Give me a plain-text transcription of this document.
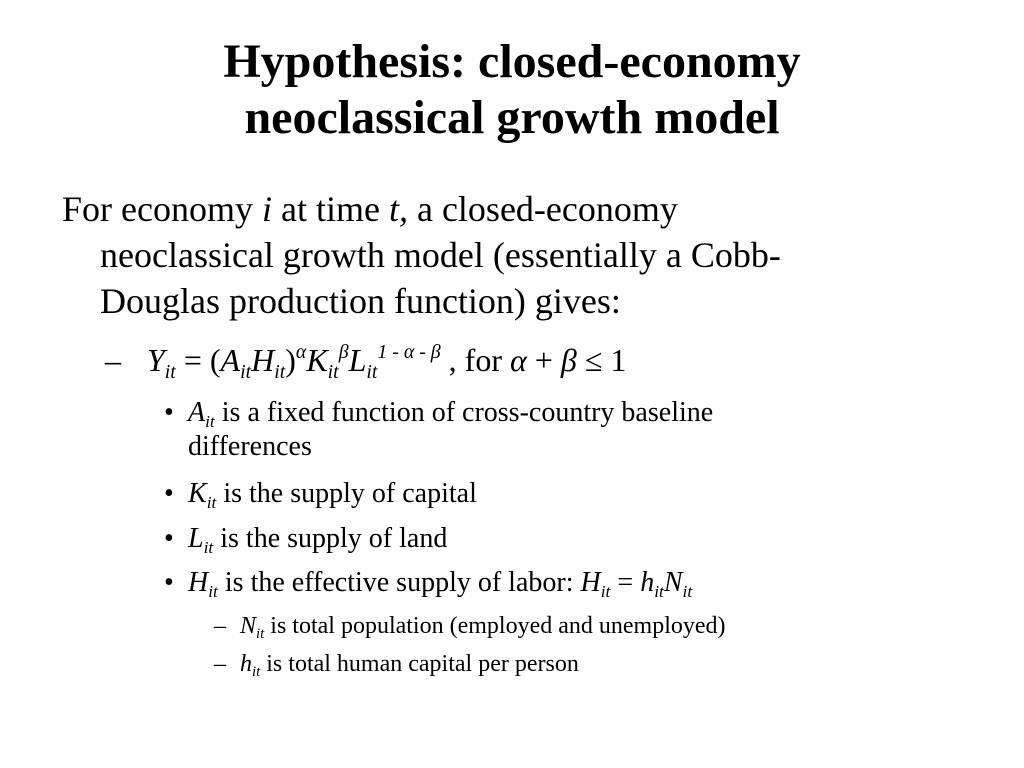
Hypothesis: closed-economy
neoclassical growth model
For economy i at time t, a closed-economy
neoclassical growth model (essentially a Cobb-
Douglas production function) gives:
– $Y_{it} = (A_{it}H_{it})^\alpha K_{it}^\beta L_{it}^{1 - \alpha - \beta}$ , for α + β ≤ 1
• $A_{it}$ is a fixed function of cross-country baseline
differences
• $K_{it}$ is the supply of capital
• $L_{it}$ is the supply of land
• $H_{it}$ is the effective supply of labor: $H_{it} = h_{it}N_{it}$
– $N_{it}$ is total population (employed and unemployed)
– $h_{it}$ is total human capital per person
